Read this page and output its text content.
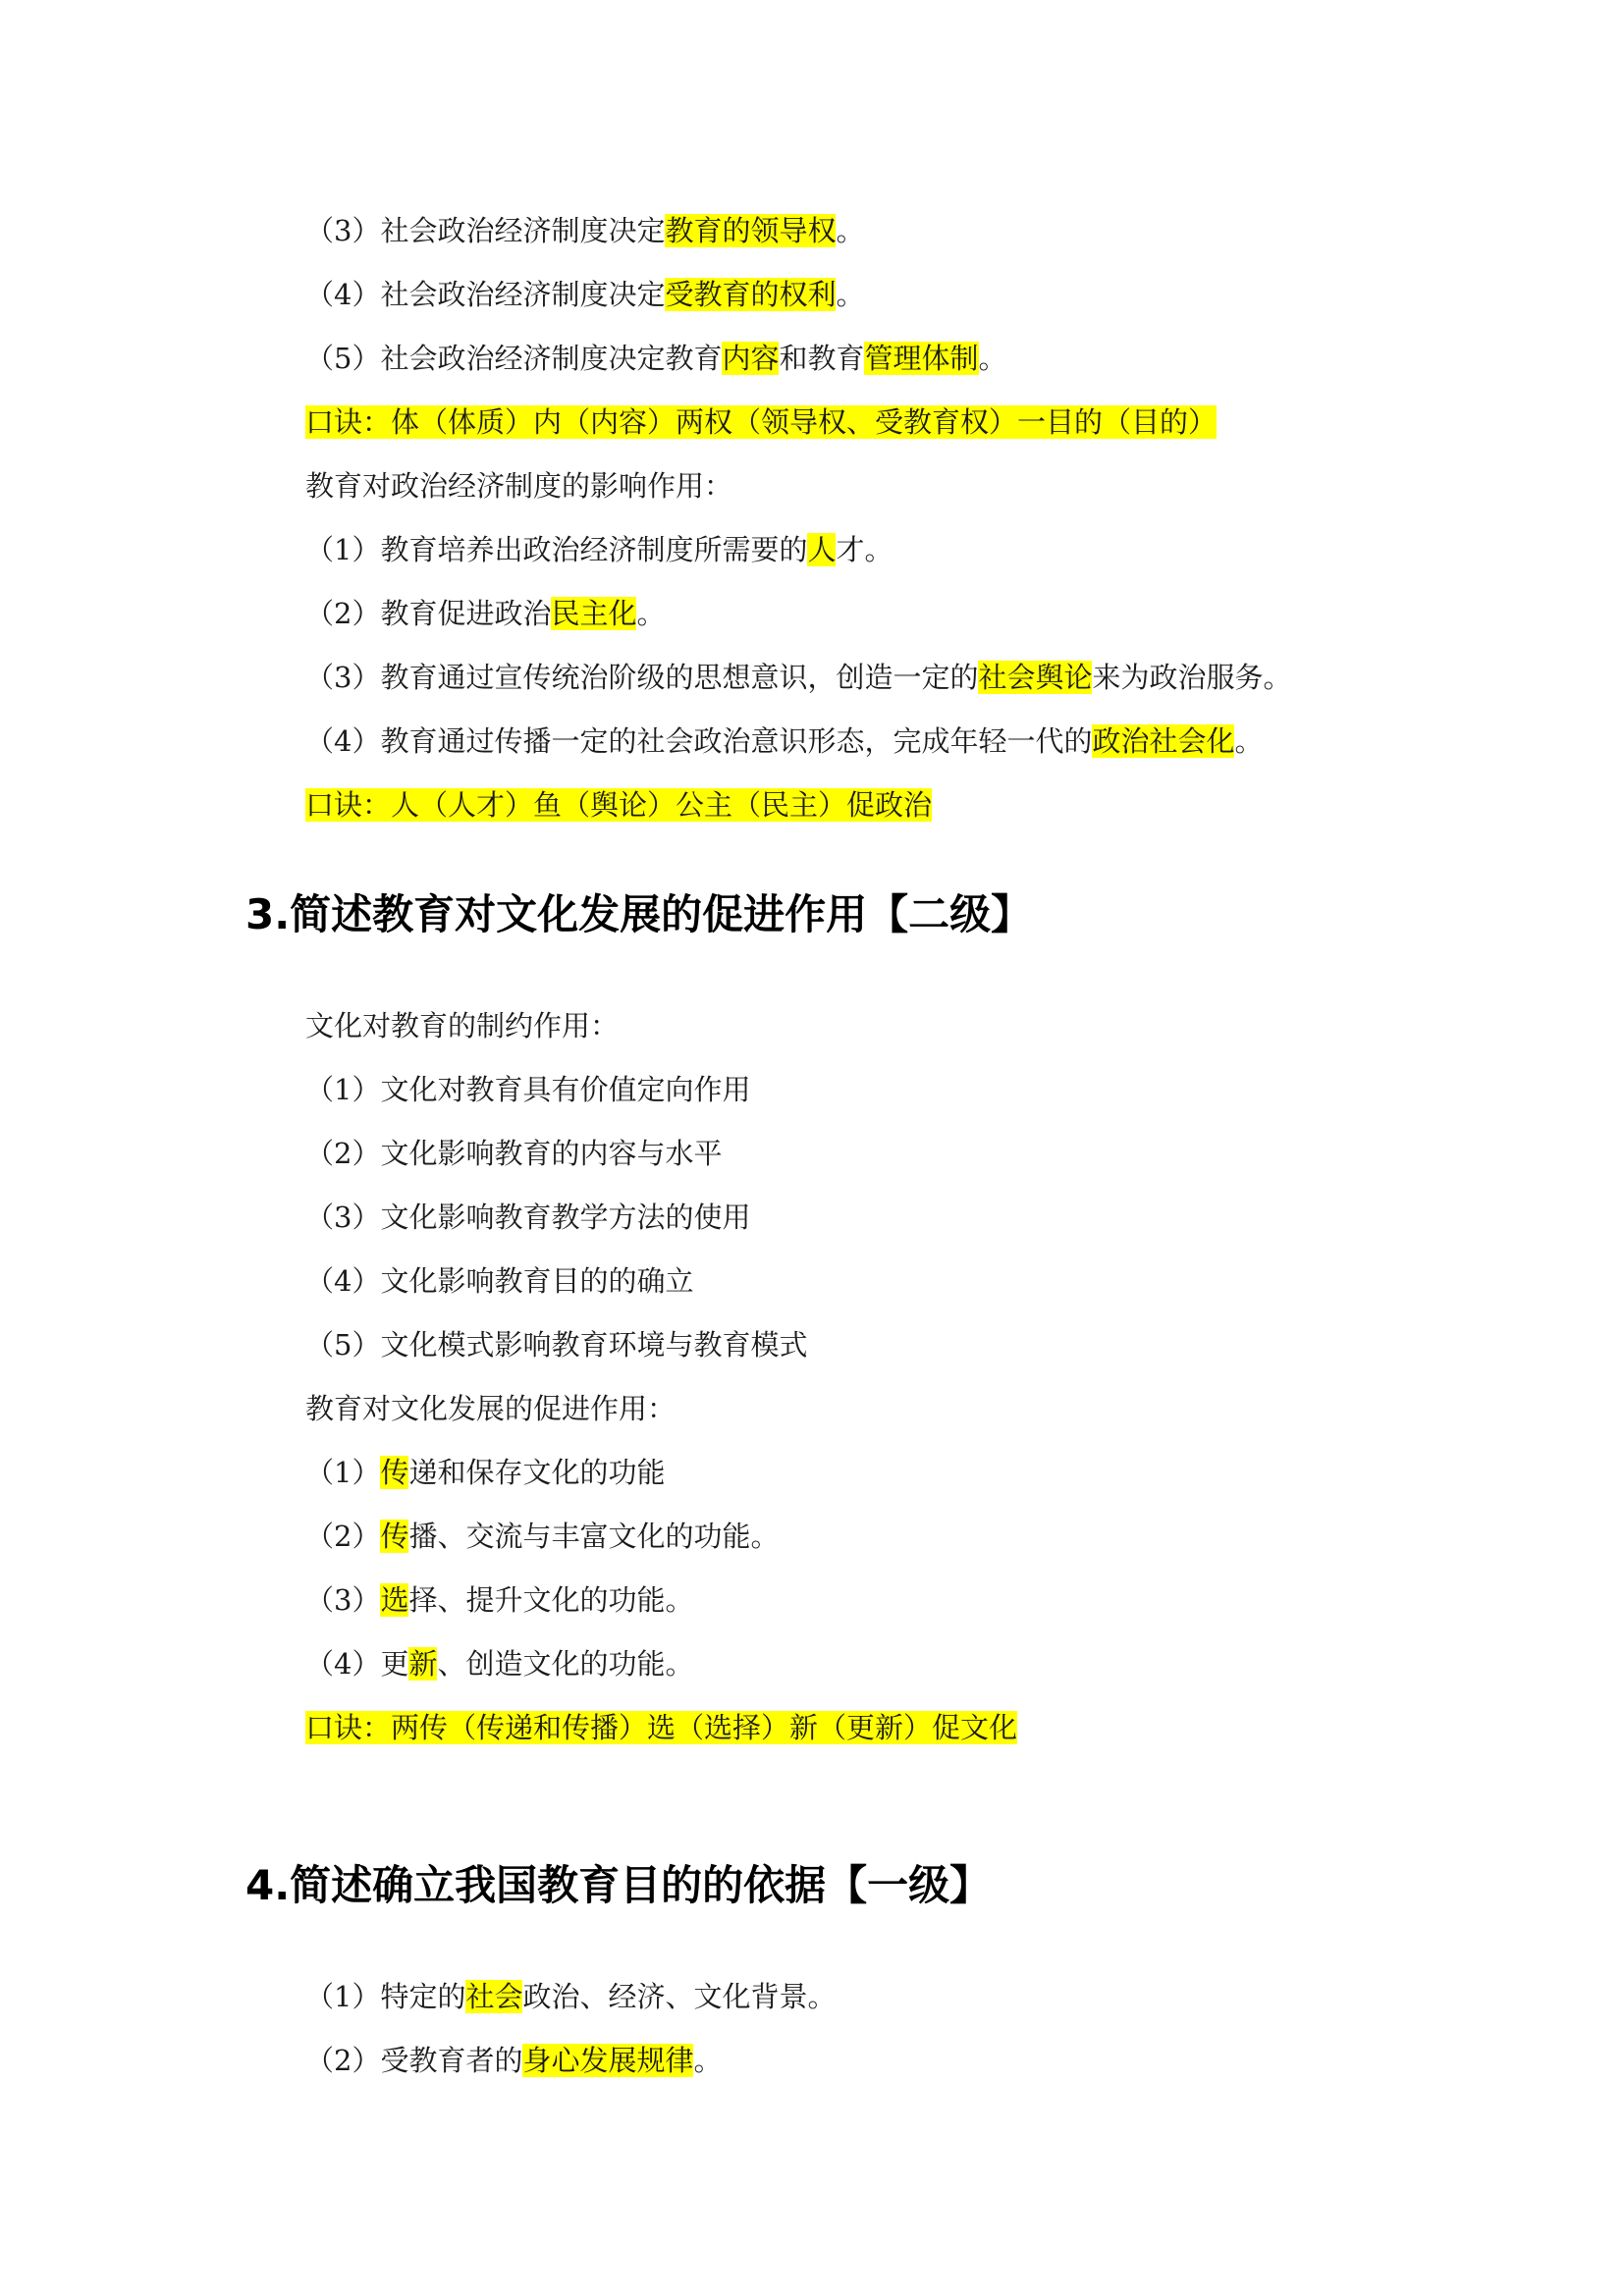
（3）社会政治经济制度决定教育的领导权。
（4）社会政治经济制度决定受教育的权利。
（5）社会政治经济制度决定教育内容和教育管理体制。
口诀：体（体质）内（内容）两权（领导权、受教育权）一目的（目的）
教育对政治经济制度的影响作用：
（1）教育培养出政治经济制度所需要的人才。
（2）教育促进政治民主化。
（3）教育通过宣传统治阶级的思想意识，创造一定的社会舆论来为政治服务。
（4）教育通过传播一定的社会政治意识形态，完成年轻一代的政治社会化。
口诀：人（人才）鱼（舆论）公主（民主）促政治
3.简述教育对文化发展的促进作用【二级】
文化对教育的制约作用：
（1）文化对教育具有价值定向作用
（2）文化影响教育的内容与水平
（3）文化影响教育教学方法的使用
（4）文化影响教育目的的确立
（5）文化模式影响教育环境与教育模式
教育对文化发展的促进作用：
（1）传递和保存文化的功能
（2）传播、交流与丰富文化的功能。
（3）选择、提升文化的功能。
（4）更新、创造文化的功能。
口诀：两传（传递和传播）选（选择）新（更新）促文化
4.简述确立我国教育目的的依据【一级】
（1）特定的社会政治、经济、文化背景。
（2）受教育者的身心发展规律。
